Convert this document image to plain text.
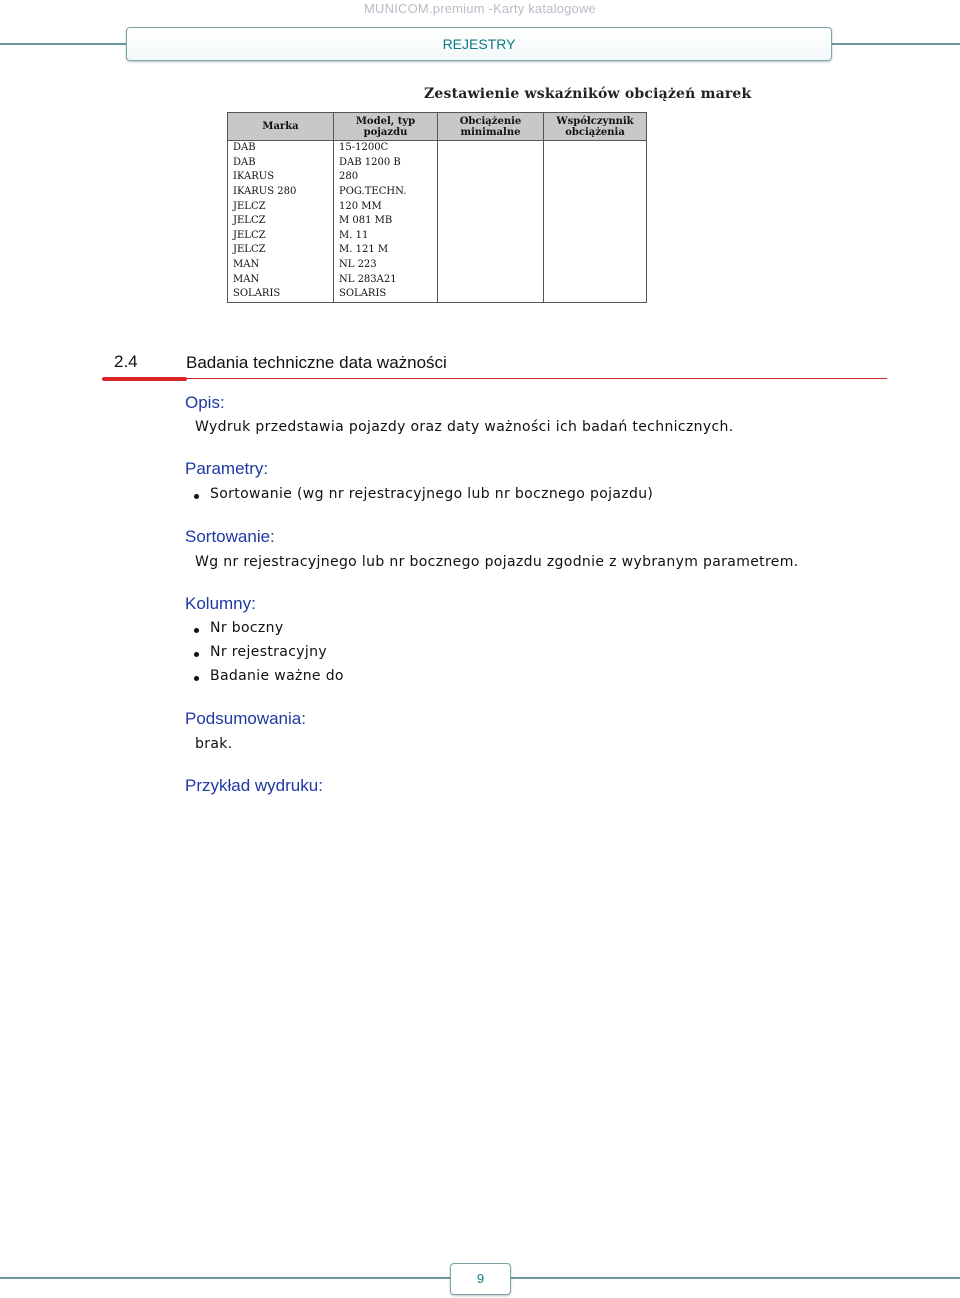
MUNICOM.premium -Karty katalogowe
REJESTRY
Zestawienie wskaźników obciążeń marek
Marka	Model, typ pojazdu	Obciążenie minimalne	Współczynnik obciążenia
DAB	15-1200C		
DAB	DAB 1200 B		
IKARUS	280		
IKARUS 280	POG.TECHN.		
JELCZ	120 MM		
JELCZ	M 081 MB		
JELCZ	M. 11		
JELCZ	M. 121 M		
MAN	NL 223		
MAN	NL 283A21		
SOLARIS	SOLARIS		
2.4	Badania techniczne data ważności
Opis:
Wydruk przedstawia pojazdy oraz daty ważności ich badań technicznych.
Parametry:
Sortowanie (wg nr rejestracyjnego lub nr bocznego pojazdu)
Sortowanie:
Wg nr rejestracyjnego lub nr bocznego pojazdu zgodnie z wybranym parametrem.
Kolumny:
Nr boczny
Nr rejestracyjny
Badanie ważne do
Podsumowania:
brak.
Przykład wydruku:
9
